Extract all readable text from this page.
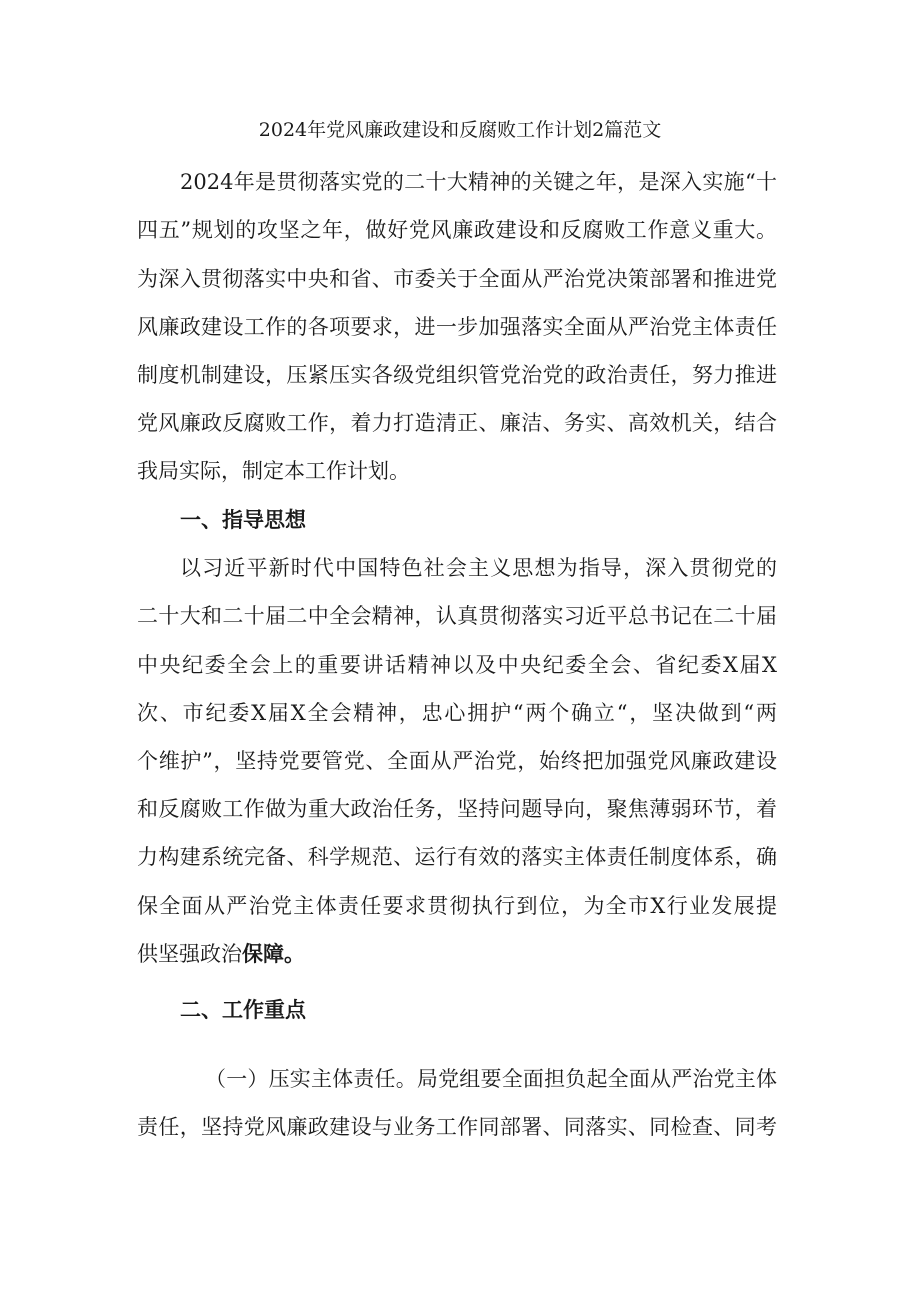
2024年党风廉政建设和反腐败工作计划2篇范文
2024年是贯彻落实党的二十大精神的关键之年，是深入实施“十
四五”规划的攻坚之年，做好党风廉政建设和反腐败工作意义重大。
为深入贯彻落实中央和省、市委关于全面从严治党决策部署和推进党
风廉政建设工作的各项要求，进一步加强落实全面从严治党主体责任
制度机制建设，压紧压实各级党组织管党治党的政治责任，努力推进
党风廉政反腐败工作，着力打造清正、廉洁、务实、高效机关，结合
我局实际，制定本工作计划。
一、指导思想
以习近平新时代中国特色社会主义思想为指导，深入贯彻党的
二十大和二十届二中全会精神，认真贯彻落实习近平总书记在二十届
中央纪委全会上的重要讲话精神以及中央纪委全会、省纪委X届X
次、市纪委X届X全会精神，忠心拥护“两个确立“，坚决做到“两
个维护”，坚持党要管党、全面从严治党，始终把加强党风廉政建设
和反腐败工作做为重大政治任务，坚持问题导向，聚焦薄弱环节，着
力构建系统完备、科学规范、运行有效的落实主体责任制度体系，确
保全面从严治党主体责任要求贯彻执行到位，为全市X行业发展提
供坚强政治保障。
二、工作重点
（一）压实主体责任。局党组要全面担负起全面从严治党主体
责任，坚持党风廉政建设与业务工作同部署、同落实、同检查、同考
